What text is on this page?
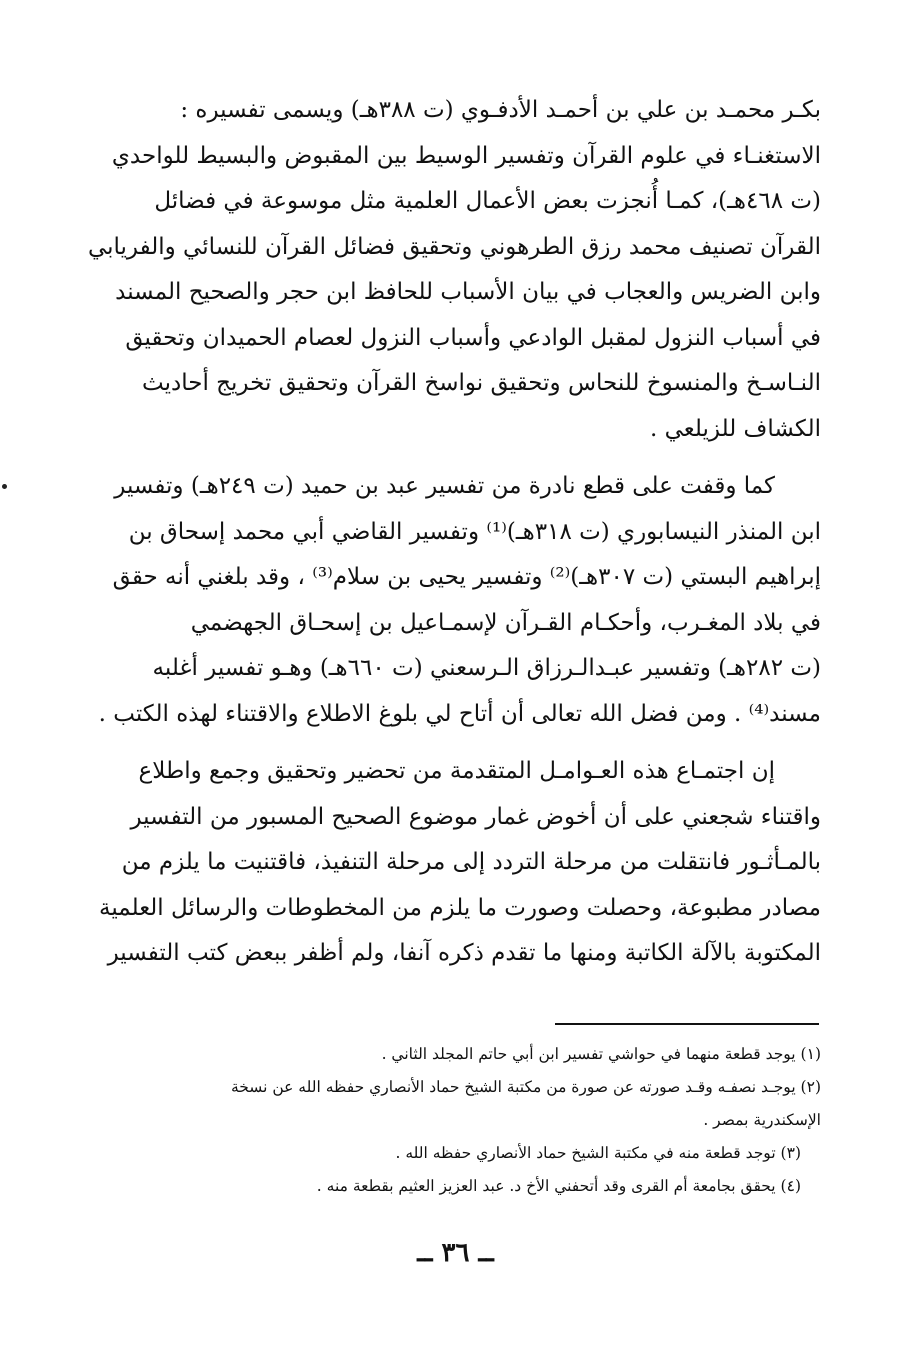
بكـر محمـد بن علي بن أحمـد الأدفـوي (ت ٣٨٨هـ) ويسمى تفسيره :
الاستغنـاء في علوم القرآن وتفسير الوسيط بين المقبوض والبسيط للواحدي
(ت ٤٦٨هـ)، كمـا أُنجزت بعض الأعمال العلمية مثل موسوعة في فضائل
القرآن تصنيف محمد رزق الطرهوني وتحقيق فضائل القرآن للنسائي والفريابي
وابن الضريس والعجاب في بيان الأسباب للحافظ ابن حجر والصحيح المسند
في أسباب النزول لمقبل الوادعي وأسباب النزول لعصام الحميدان وتحقيق
النـاسـخ والمنسوخ للنحاس وتحقيق نواسخ القرآن وتحقيق تخريج أحاديث
الكشاف للزيلعي .

كما وقفت على قطع نادرة من تفسير عبد بن حميد (ت ٢٤٩هـ) وتفسير
ابن المنذر النيسابوري (ت ٣١٨هـ)⁽¹⁾ وتفسير القاضي أبي محمد إسحاق بن
إبراهيم البستي (ت ٣٠٧هـ)⁽²⁾ وتفسير يحيى بن سلام⁽³⁾ ، وقد بلغني أنه حقق
في بلاد المغـرب، وأحكـام القـرآن لإسمـاعيل بن إسحـاق الجهضمي
(ت ٢٨٢هـ) وتفسير عبـدالـرزاق الـرسعني (ت ٦٦٠هـ) وهـو تفسير أغلبه
مسند⁽⁴⁾ . ومن فضل الله تعالى أن أتاح لي بلوغ الاطلاع والاقتناء لهذه الكتب .

إن اجتمـاع هذه العـوامـل المتقدمة من تحضير وتحقيق وجمع واطلاع
واقتناء شجعني على أن أخوض غمار موضوع الصحيح المسبور من التفسير
بالمـأثـور فانتقلت من مرحلة التردد إلى مرحلة التنفيذ، فاقتنيت ما يلزم من
مصادر مطبوعة، وحصلت وصورت ما يلزم من المخطوطات والرسائل العلمية
المكتوبة بالآلة الكاتبة ومنها ما تقدم ذكره آنفا، ولم أظفر ببعض كتب التفسير

(١) يوجد قطعة منهما في حواشي تفسير ابن أبي حاتم المجلد الثاني .
(٢) يوجـد نصفـه وقـد صورته عن صورة من مكتبة الشيخ حماد الأنصاري حفظه الله عن نسخة
الإسكندرية بمصر .
(٣) توجد قطعة منه في مكتبة الشيخ حماد الأنصاري حفظه الله .
(٤) يحقق بجامعة أم القرى وقد أتحفني الأخ د. عبد العزيز العثيم بقطعة منه .
ــ ٣٦ ــ
